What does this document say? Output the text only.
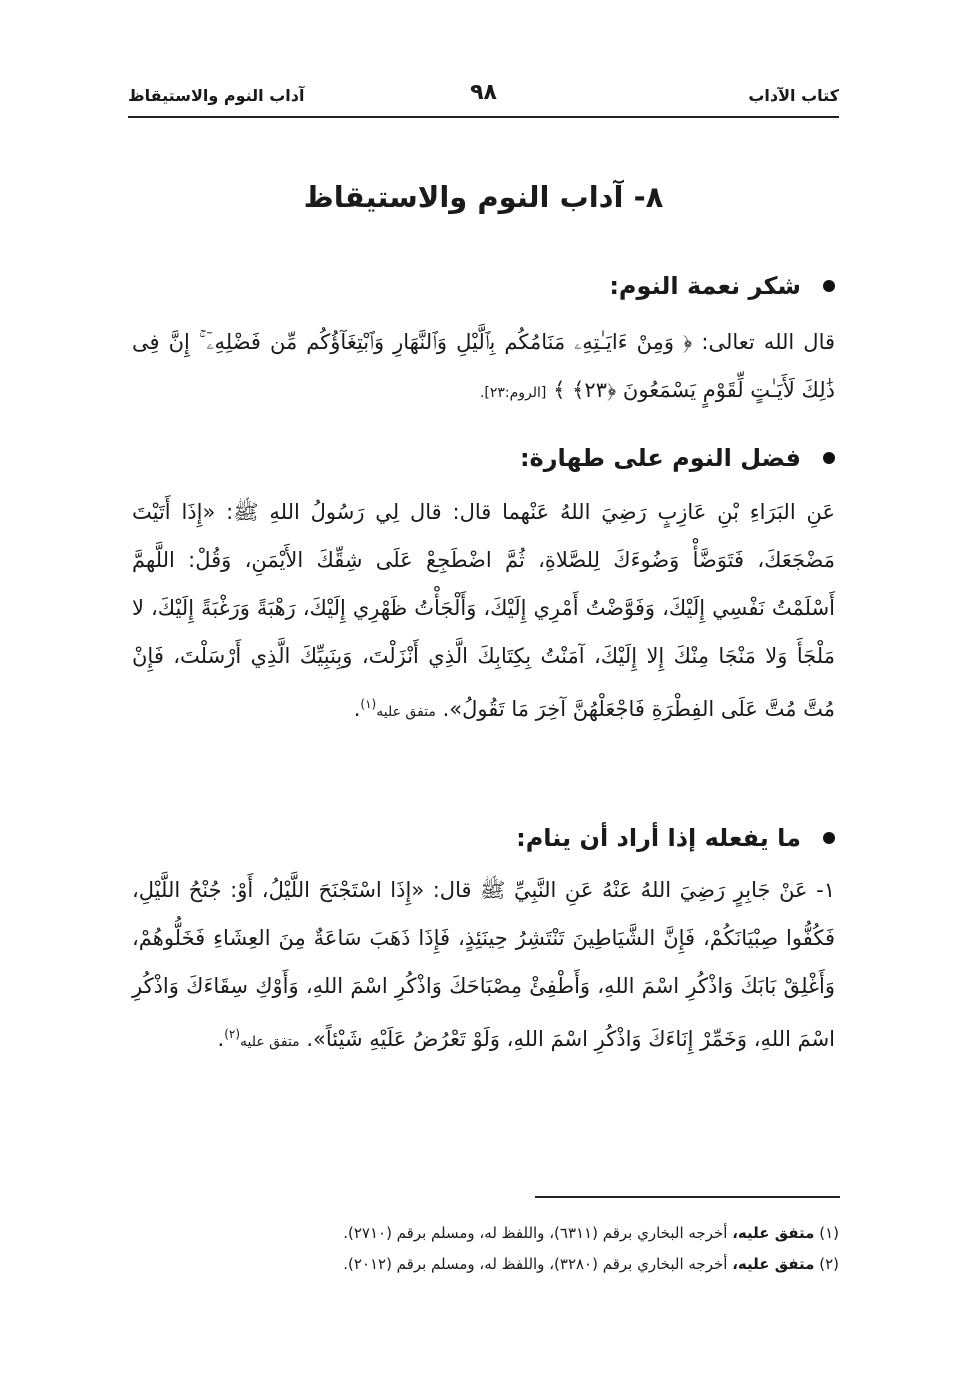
كتاب الآداب
٩٨
آداب النوم والاستيقاظ
٨- آداب النوم والاستيقاظ
شكر نعمة النوم:

قال الله تعالى: ﴿ وَمِنْ ءَايَـٰتِهِۦ مَنَامُكُم بِٱلَّيْلِ وَٱلنَّهَارِ وَٱبْتِغَآؤُكُم مِّن فَضْلِهِۦٓ ۚ إِنَّ فِى ذَٰلِكَ لَأَيَـٰتٍ لِّقَوْمٍ يَسْمَعُونَ ﴿٢٣﴾ ﴾ [الروم:٢٣].

فضل النوم على طهارة:

عَنِ البَرَاءِ بْنِ عَازِبٍ رَضِيَ اللهُ عَنْهما قال: قال لِي رَسُولُ اللهِ ﷺ: «إِذَا أَتَيْتَ مَضْجَعَكَ، فَتَوَضَّأْ وَضُوءَكَ لِلصَّلاةِ، ثُمَّ اضْطَجِعْ عَلَى شِقِّكَ الأَيْمَنِ، وَقُلْ: اللَّهمَّ أَسْلَمْتُ نَفْسِي إِلَيْكَ، وَفَوَّضْتُ أَمْرِي إِلَيْكَ، وَأَلْجَأْتُ ظَهْرِي إِلَيْكَ، رَهْبَةً وَرَغْبَةً إِلَيْكَ، لا مَلْجَأَ وَلا مَنْجَا مِنْكَ إِلا إِلَيْكَ، آمَنْتُ بِكِتَابِكَ الَّذِي أَنْزَلْتَ، وَبِنَبِيِّكَ الَّذِي أَرْسَلْتَ، فَإِنْ مُتَّ مُتَّ عَلَى الفِطْرَةِ فَاجْعَلْهُنَّ آخِرَ مَا تَقُولُ». متفق عليه$^{(١)}$.

ما يفعله إذا أراد أن ينام:

١- عَنْ جَابِرٍ رَضِيَ اللهُ عَنْهُ عَنِ النَّبِيِّ ﷺ قال: «إِذَا اسْتَجْنَحَ اللَّيْلُ، أَوْ: جُنْحُ اللَّيْلِ، فَكُفُّوا صِبْيَانَكُمْ، فَإِنَّ الشَّيَاطِينَ تَنْتَشِرُ حِينَئِذٍ، فَإِذَا ذَهَبَ سَاعَةٌ مِنَ العِشَاءِ فَخَلُّوهُمْ، وَأَغْلِقْ بَابَكَ وَاذْكُرِ اسْمَ اللهِ، وَأَطْفِئْ مِصْبَاحَكَ وَاذْكُرِ اسْمَ اللهِ، وَأَوْكِ سِقَاءَكَ وَاذْكُرِ اسْمَ اللهِ، وَخَمِّرْ إِنَاءَكَ وَاذْكُرِ اسْمَ اللهِ، وَلَوْ تَعْرُضُ عَلَيْهِ شَيْئاً». متفق عليه$^{(٢)}$.

(١) متفق عليه، أخرجه البخاري برقم (٦٣١١)، واللفظ له، ومسلم برقم (٢٧١٠).
(٢) متفق عليه، أخرجه البخاري برقم (٣٢٨٠)، واللفظ له، ومسلم برقم (٢٠١٢).
